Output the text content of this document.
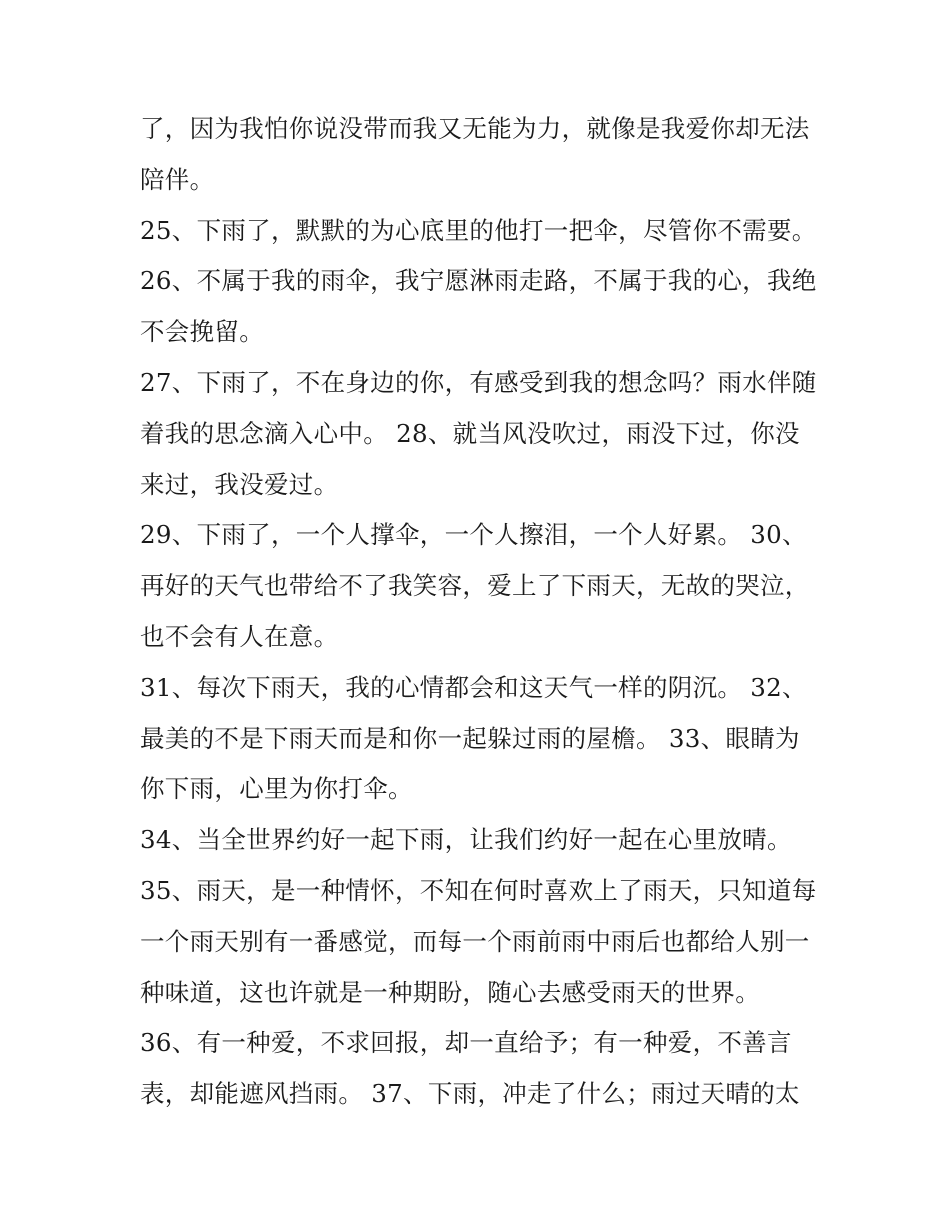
了，因为我怕你说没带而我又无能为力，就像是我爱你却无法
陪伴。
25、下雨了，默默的为心底里的他打一把伞，尽管你不需要。
26、不属于我的雨伞，我宁愿淋雨走路，不属于我的心，我绝
不会挽留。
27、下雨了，不在身边的你，有感受到我的想念吗？雨水伴随
着我的思念滴入心中。 28、就当风没吹过，雨没下过，你没
来过，我没爱过。
29、下雨了，一个人撑伞，一个人擦泪，一个人好累。 30、
再好的天气也带给不了我笑容，爱上了下雨天，无故的哭泣，
也不会有人在意。
31、每次下雨天，我的心情都会和这天气一样的阴沉。 32、
最美的不是下雨天而是和你一起躲过雨的屋檐。 33、眼睛为
你下雨，心里为你打伞。
34、当全世界约好一起下雨，让我们约好一起在心里放晴。
35、雨天，是一种情怀，不知在何时喜欢上了雨天，只知道每
一个雨天别有一番感觉，而每一个雨前雨中雨后也都给人别一
种味道，这也许就是一种期盼，随心去感受雨天的世界。
36、有一种爱，不求回报，却一直给予；有一种爱，不善言
表，却能遮风挡雨。 37、下雨，冲走了什么；雨过天晴的太
